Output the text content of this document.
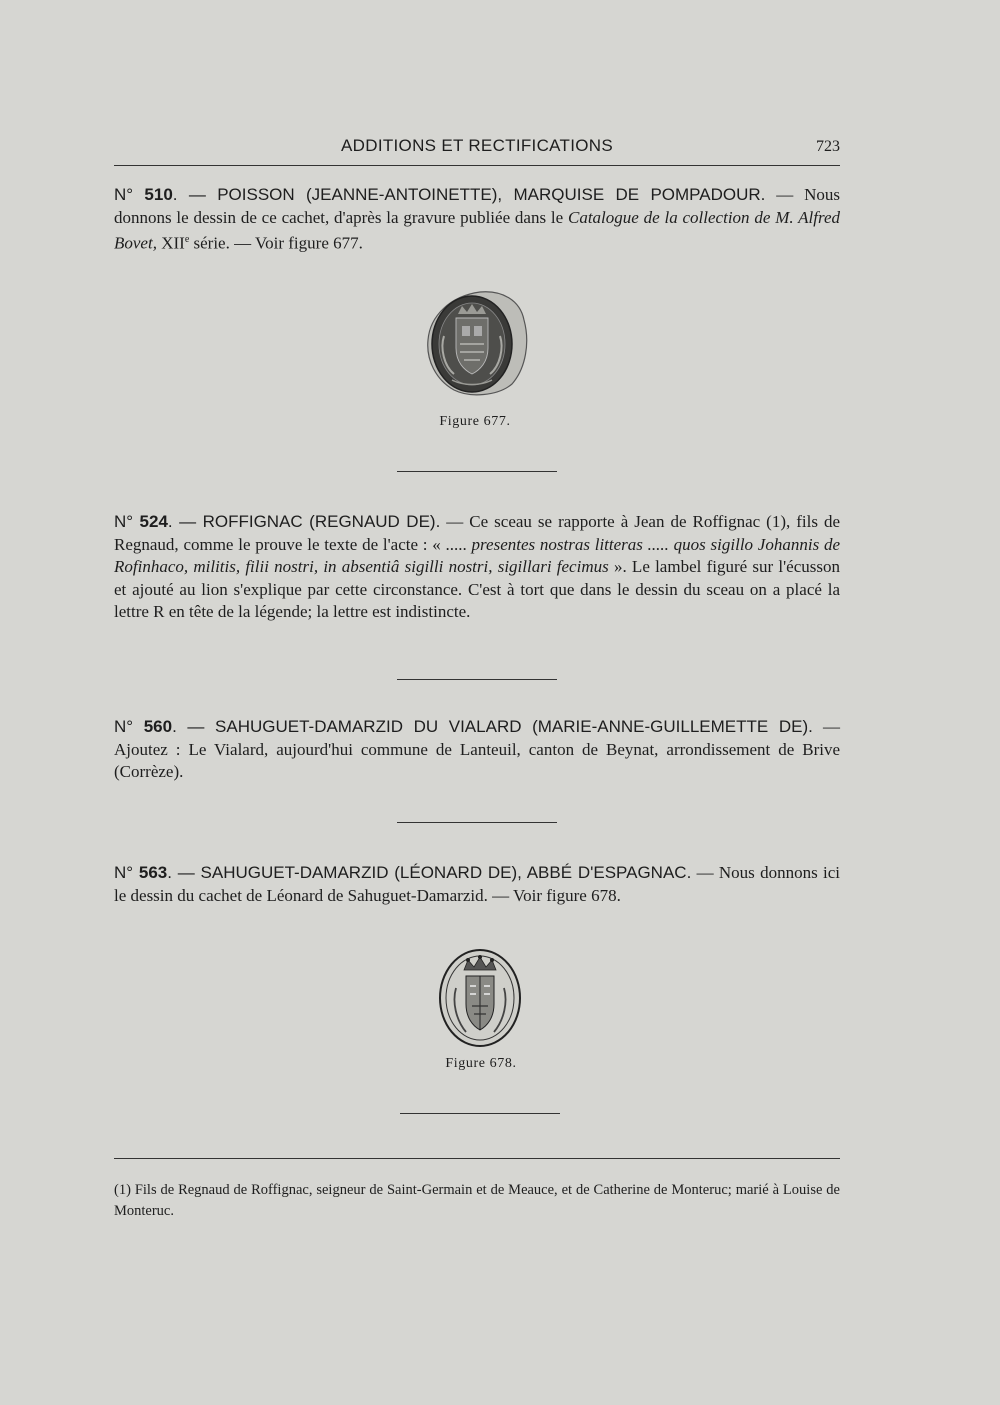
ADDITIONS ET RECTIFICATIONS	723
N° 510. — POISSON (JEANNE-ANTOINETTE), MARQUISE DE POMPADOUR. — Nous donnons le dessin de ce cachet, d'après la gravure publiée dans le Catalogue de la collection de M. Alfred Bovet, XIIe série. — Voir figure 677.
Figure 677.
N° 524. — ROFFIGNAC (REGNAUD DE). — Ce sceau se rapporte à Jean de Roffignac (1), fils de Regnaud, comme le prouve le texte de l'acte : « ..... presentes nostras litteras ..... quos sigillo Johannis de Rofinhaco, militis, filii nostri, in absentiâ sigilli nostri, sigillari fecimus ». Le lambel figuré sur l'écusson et ajouté au lion s'explique par cette circonstance. C'est à tort que dans le dessin du sceau on a placé la lettre R en tête de la légende; la lettre est indistincte.
N° 560. — SAHUGUET-DAMARZID DU VIALARD (MARIE-ANNE-GUILLEMETTE DE). — Ajoutez : Le Vialard, aujourd'hui commune de Lanteuil, canton de Beynat, arrondissement de Brive (Corrèze).
N° 563. — SAHUGUET-DAMARZID (LÉONARD DE), ABBÉ D'ESPAGNAC. — Nous donnons ici le dessin du cachet de Léonard de Sahuguet-Damarzid. — Voir figure 678.
Figure 678.
(1) Fils de Regnaud de Roffignac, seigneur de Saint-Germain et de Meauce, et de Catherine de Monteruc; marié à Louise de Monteruc.
